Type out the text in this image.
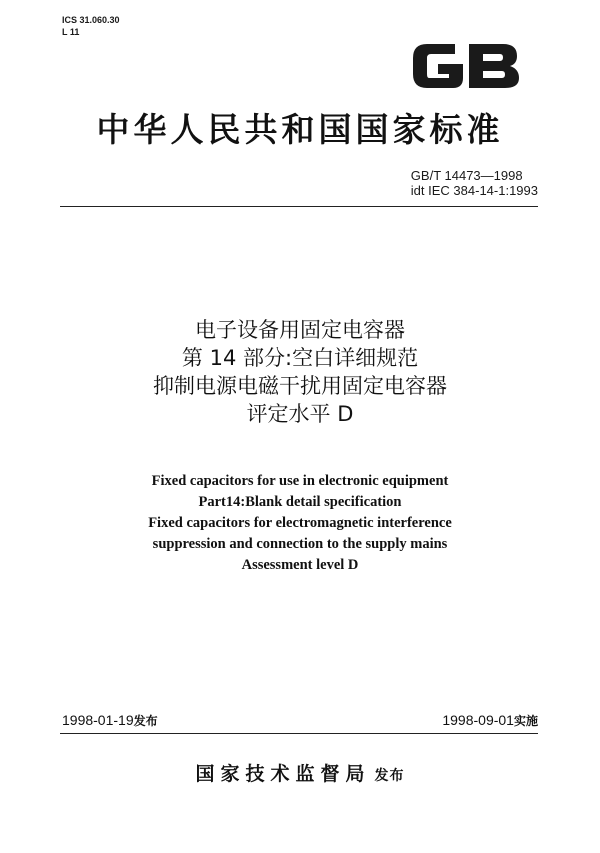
ICS 31.060.30
L 11
GB
中华人民共和国国家标准
GB/T 14473—1998
idt IEC 384-14-1:1993
电子设备用固定电容器
第 14 部分:空白详细规范
抑制电源电磁干扰用固定电容器
评定水平 D
Fixed capacitors for use in electronic equipment
Part14:Blank detail specification
Fixed capacitors for electromagnetic interference
suppression and connection to the supply mains
Assessment level D
1998-01-19发布	1998-09-01实施
国家技术监督局 发布
